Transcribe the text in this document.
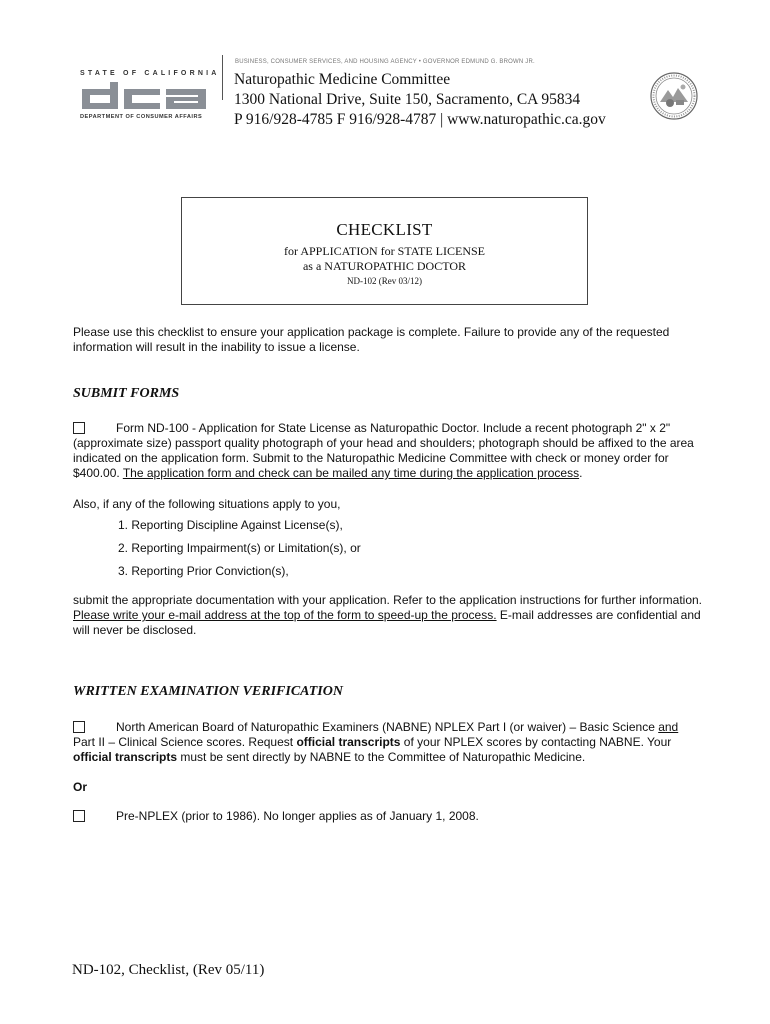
STATE OF CALIFORNIA
DEPARTMENT OF CONSUMER AFFAIRS
BUSINESS, CONSUMER SERVICES, AND HOUSING AGENCY • GOVERNOR EDMUND G. BROWN JR.
Naturopathic Medicine Committee
1300 National Drive, Suite 150, Sacramento, CA 95834
P 916/928-4785 F 916/928-4787 | www.naturopathic.ca.gov
CHECKLIST
for APPLICATION for STATE LICENSE
as a NATUROPATHIC DOCTOR
ND-102 (Rev 03/12)
Please use this checklist to ensure your application package is complete. Failure to provide any of the requested information will result in the inability to issue a license.
SUBMIT FORMS
Form ND-100 - Application for State License as Naturopathic Doctor. Include a recent photograph 2" x 2" (approximate size) passport quality photograph of your head and shoulders; photograph should be affixed to the area indicated on the application form. Submit to the Naturopathic Medicine Committee with check or money order for $400.00. The application form and check can be mailed any time during the application process.
Also, if any of the following situations apply to you,
1. Reporting Discipline Against License(s),
2. Reporting Impairment(s) or Limitation(s), or
3. Reporting Prior Conviction(s),
submit the appropriate documentation with your application. Refer to the application instructions for further information. Please write your e-mail address at the top of the form to speed-up the process. E-mail addresses are confidential and will never be disclosed.
WRITTEN EXAMINATION VERIFICATION
North American Board of Naturopathic Examiners (NABNE) NPLEX Part I (or waiver) – Basic Science and Part II – Clinical Science scores. Request official transcripts of your NPLEX scores by contacting NABNE. Your official transcripts must be sent directly by NABNE to the Committee of Naturopathic Medicine.
Or
Pre-NPLEX (prior to 1986). No longer applies as of January 1, 2008.
ND-102, Checklist, (Rev 05/11)
